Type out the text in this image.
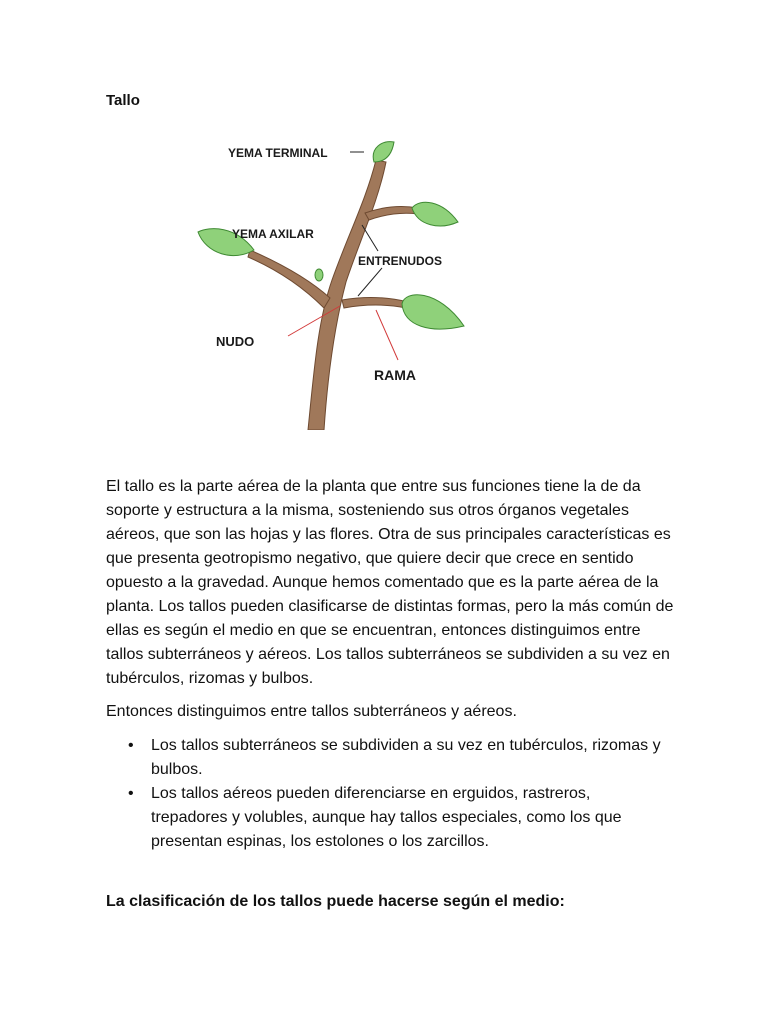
Tallo
YEMA TERMINAL
YEMA AXILAR
ENTRENUDOS
NUDO
RAMA

El tallo es la parte aérea de la planta que entre sus funciones tiene la de da soporte y estructura a la misma, sosteniendo sus otros órganos vegetales aéreos, que son las hojas y las flores. Otra de sus principales características es que presenta geotropismo negativo, que quiere decir que crece en sentido opuesto a la gravedad. Aunque hemos comentado que es la parte aérea de la planta. Los tallos pueden clasificarse de distintas formas, pero la más común de ellas es según el medio en que se encuentran, entonces distinguimos entre tallos subterráneos y aéreos. Los tallos subterráneos se subdividen a su vez en tubérculos, rizomas y bulbos.

Entonces distinguimos entre tallos subterráneos y aéreos.

•	Los tallos subterráneos se subdividen a su vez en tubérculos, rizomas y bulbos.
•	Los tallos aéreos pueden diferenciarse en erguidos, rastreros, trepadores y volubles, aunque hay tallos especiales, como los que presentan espinas, los estolones o los zarcillos.

La clasificación de los tallos puede hacerse según el medio:
